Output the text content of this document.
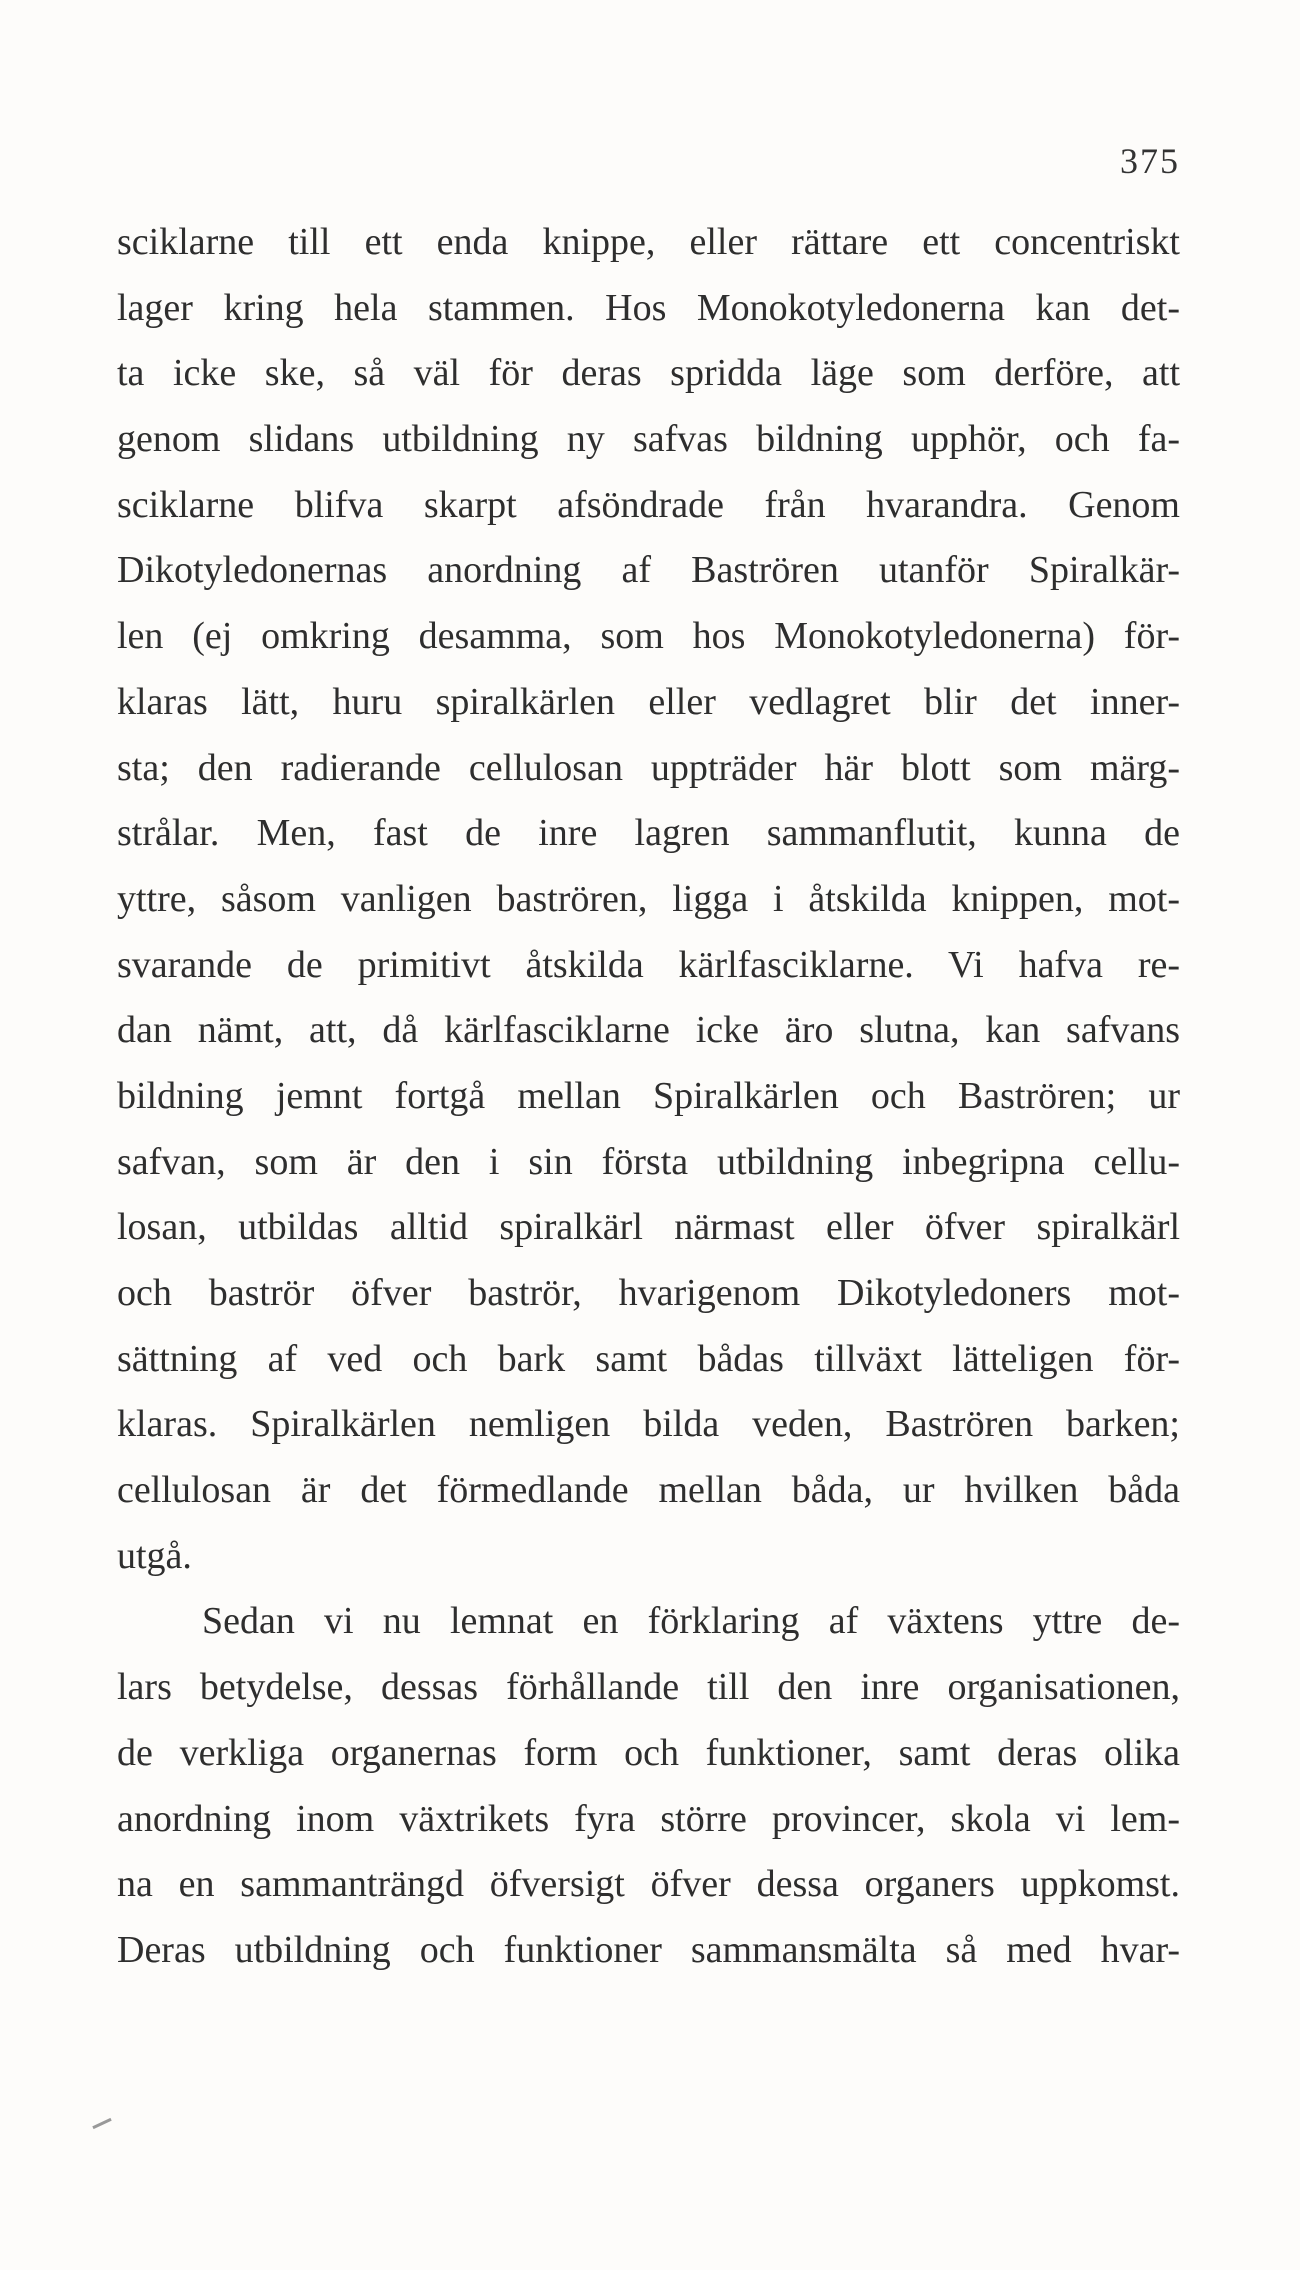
375
sciklarne till ett enda knippe, eller rättare ett concentriskt
lager kring hela stammen. Hos Monokotyledonerna kan det-
ta icke ske, så väl för deras spridda läge som derföre, att
genom slidans utbildning ny safvas bildning upphör, och fa-
sciklarne blifva skarpt afsöndrade från hvarandra. Genom
Dikotyledonernas anordning af Baströren utanför Spiralkär-
len (ej omkring desamma, som hos Monokotyledonerna) för-
klaras lätt, huru spiralkärlen eller vedlagret blir det inner-
sta; den radierande cellulosan uppträder här blott som märg-
strålar. Men, fast de inre lagren sammanflutit, kunna de
yttre, såsom vanligen baströren, ligga i åtskilda knippen, mot-
svarande de primitivt åtskilda kärlfasciklarne. Vi hafva re-
dan nämt, att, då kärlfasciklarne icke äro slutna, kan safvans
bildning jemnt fortgå mellan Spiralkärlen och Baströren; ur
safvan, som är den i sin första utbildning inbegripna cellu-
losan, utbildas alltid spiralkärl närmast eller öfver spiralkärl
och baströr öfver baströr, hvarigenom Dikotyledoners mot-
sättning af ved och bark samt bådas tillväxt lätteligen för-
klaras. Spiralkärlen nemligen bilda veden, Baströren barken;
cellulosan är det förmedlande mellan båda, ur hvilken båda
utgå.
Sedan vi nu lemnat en förklaring af växtens yttre de-
lars betydelse, dessas förhållande till den inre organisationen,
de verkliga organernas form och funktioner, samt deras olika
anordning inom växtrikets fyra större provincer, skola vi lem-
na en sammanträngd öfversigt öfver dessa organers uppkomst.
Deras utbildning och funktioner sammansmälta så med hvar-
